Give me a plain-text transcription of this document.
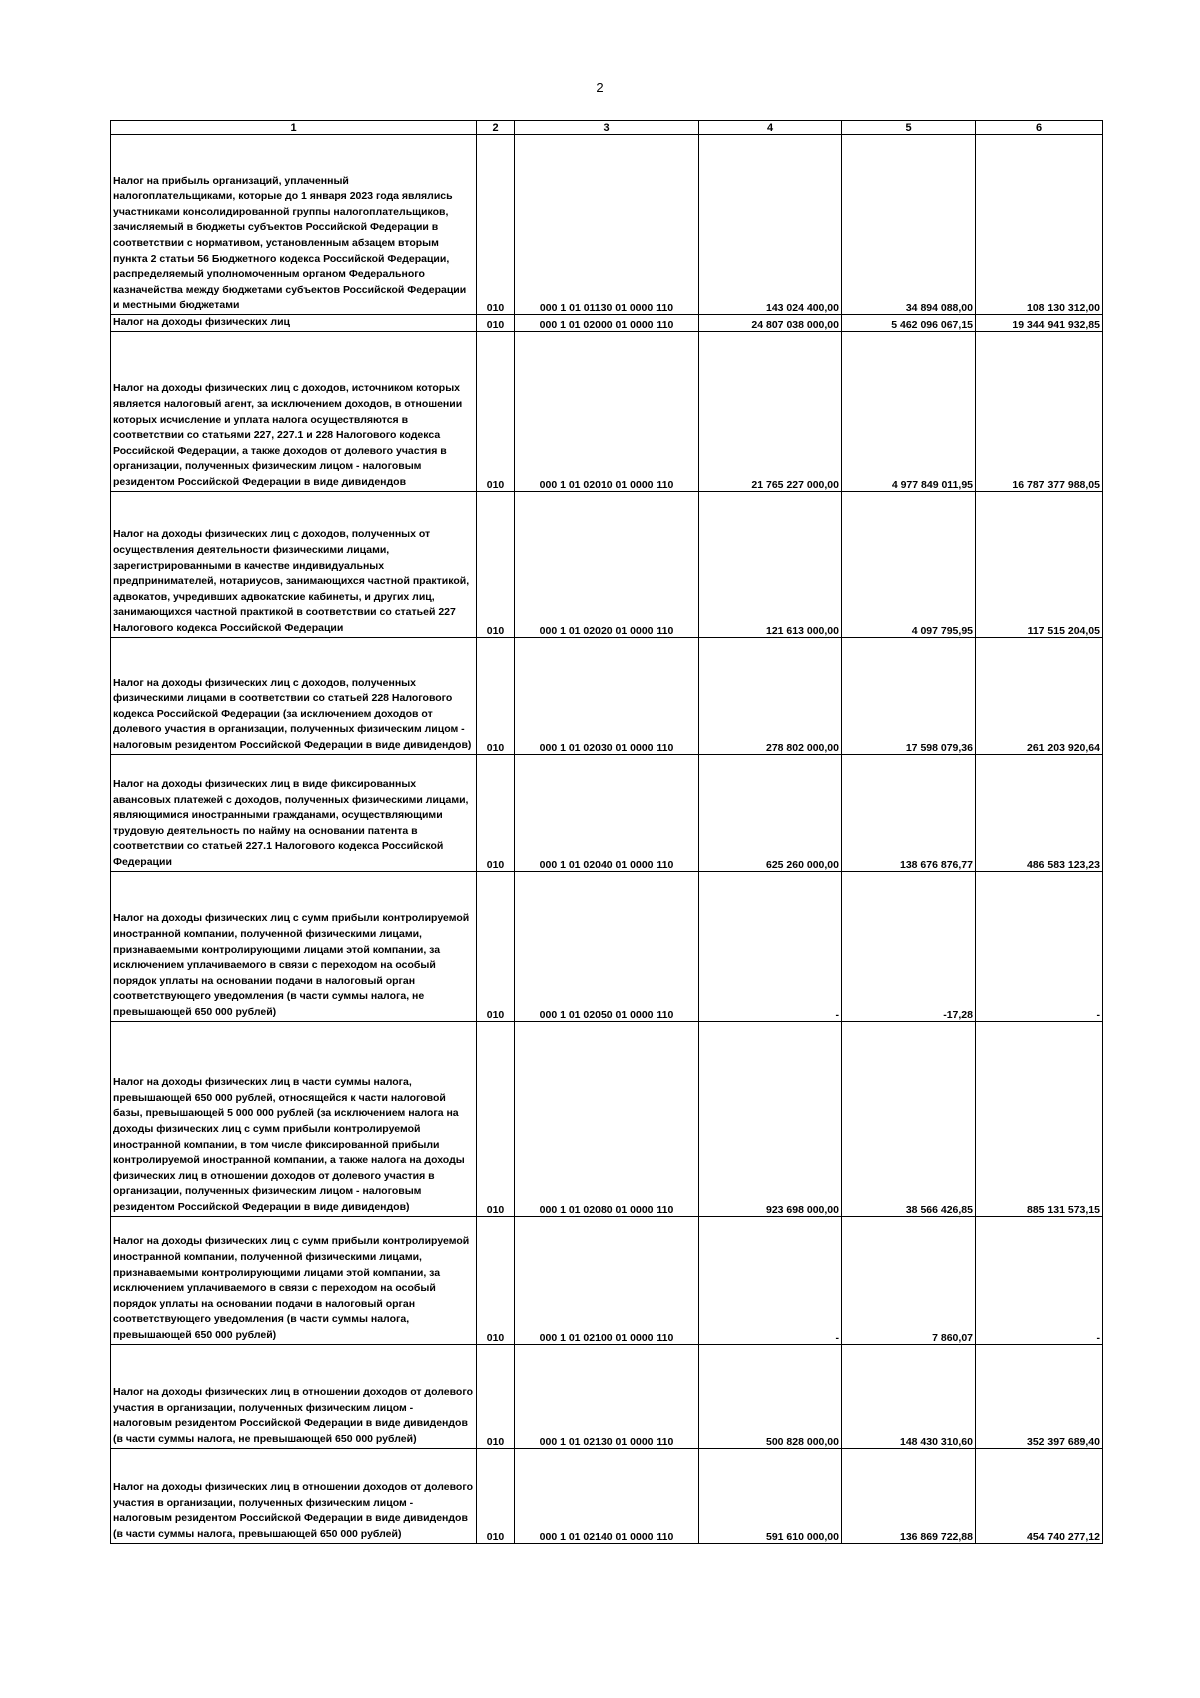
2
1	2	3	4	5	6
Налог на прибыль организаций, уплаченный налогоплательщиками, которые до 1 января 2023 года являлись участниками консолидированной группы налогоплательщиков, зачисляемый в бюджеты субъектов Российской Федерации в соответствии с нормативом, установленным абзацем вторым пункта 2 статьи 56 Бюджетного кодекса Российской Федерации, распределяемый уполномоченным органом Федерального казначейства между бюджетами субъектов Российской Федерации и местными бюджетами	010	000 1 01 01130 01 0000 110	143 024 400,00	34 894 088,00	108 130 312,00
Налог на доходы физических лиц	010	000 1 01 02000 01 0000 110	24 807 038 000,00	5 462 096 067,15	19 344 941 932,85
Налог на доходы физических лиц с доходов, источником которых является налоговый агент, за исключением доходов, в отношении которых исчисление и уплата налога осуществляются в соответствии со статьями 227, 227.1 и 228 Налогового кодекса Российской Федерации, а также доходов от долевого участия в организации, полученных физическим лицом - налоговым резидентом Российской Федерации в виде дивидендов	010	000 1 01 02010 01 0000 110	21 765 227 000,00	4 977 849 011,95	16 787 377 988,05
Налог на доходы физических лиц с доходов, полученных от осуществления деятельности физическими лицами, зарегистрированными в качестве индивидуальных предпринимателей, нотариусов, занимающихся частной практикой, адвокатов, учредивших адвокатские кабинеты, и других лиц, занимающихся частной практикой в соответствии со статьей 227 Налогового кодекса Российской Федерации	010	000 1 01 02020 01 0000 110	121 613 000,00	4 097 795,95	117 515 204,05
Налог на доходы физических лиц с доходов, полученных физическими лицами в соответствии со статьей 228 Налогового кодекса Российской Федерации (за исключением доходов от долевого участия в организации, полученных физическим лицом - налоговым резидентом Российской Федерации в виде дивидендов)	010	000 1 01 02030 01 0000 110	278 802 000,00	17 598 079,36	261 203 920,64
Налог на доходы физических лиц в виде фиксированных авансовых платежей с доходов, полученных физическими лицами, являющимися иностранными гражданами, осуществляющими трудовую деятельность по найму на основании патента в соответствии со статьей 227.1 Налогового кодекса Российской Федерации	010	000 1 01 02040 01 0000 110	625 260 000,00	138 676 876,77	486 583 123,23
Налог на доходы физических лиц с сумм прибыли контролируемой иностранной компании, полученной физическими лицами, признаваемыми контролирующими лицами этой компании, за исключением уплачиваемого в связи с переходом на особый порядок уплаты на основании подачи в налоговый орган соответствующего уведомления (в части суммы налога, не превышающей 650 000 рублей)	010	000 1 01 02050 01 0000 110	-	-17,28	-
Налог на доходы физических лиц в части суммы налога, превышающей 650 000 рублей, относящейся к части налоговой базы, превышающей 5 000 000 рублей (за исключением налога на доходы физических лиц с сумм прибыли контролируемой иностранной компании, в том числе фиксированной прибыли контролируемой иностранной компании, а также налога на доходы физических лиц в отношении доходов от долевого участия в организации, полученных физическим лицом - налоговым резидентом Российской Федерации в виде дивидендов)	010	000 1 01 02080 01 0000 110	923 698 000,00	38 566 426,85	885 131 573,15
Налог на доходы физических лиц с сумм прибыли контролируемой иностранной компании, полученной физическими лицами, признаваемыми контролирующими лицами этой компании, за исключением уплачиваемого в связи с переходом на особый порядок уплаты на основании подачи в налоговый орган соответствующего уведомления (в части суммы налога, превышающей 650 000 рублей)	010	000 1 01 02100 01 0000 110	-	7 860,07	-
Налог на доходы физических лиц в отношении доходов от долевого участия в организации, полученных физическим лицом - налоговым резидентом Российской Федерации в виде дивидендов (в части суммы налога, не превышающей 650 000 рублей)	010	000 1 01 02130 01 0000 110	500 828 000,00	148 430 310,60	352 397 689,40
Налог на доходы физических лиц в отношении доходов от долевого участия в организации, полученных физическим лицом - налоговым резидентом Российской Федерации в виде дивидендов (в части суммы налога, превышающей 650 000 рублей)	010	000 1 01 02140 01 0000 110	591 610 000,00	136 869 722,88	454 740 277,12
